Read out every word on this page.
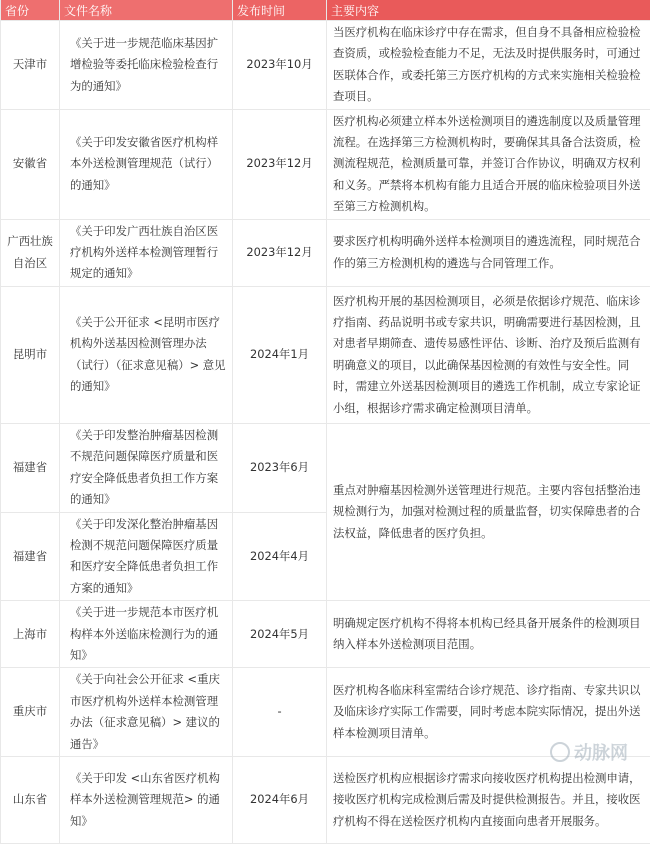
省份	文件名称	发布时间	主要内容
天津市	《关于进一步规范临床基因扩增检验等委托临床检验检查行为的通知》	2023年10月	当医疗机构在临床诊疗中存在需求，但自身不具备相应检验检查资质，或检验检查能力不足，无法及时提供服务时，可通过医联体合作，或委托第三方医疗机构的方式来实施相关检验检查项目。
安徽省	《关于印发安徽省医疗机构样本外送检测管理规范（试行）的通知》	2023年12月	医疗机构必须建立样本外送检测项目的遴选制度以及质量管理流程。在选择第三方检测机构时，要确保其具备合法资质，检测流程规范，检测质量可靠，并签订合作协议，明确双方权利和义务。严禁将本机构有能力且适合开展的临床检验项目外送至第三方检测机构。
广西壮族自治区	《关于印发广西壮族自治区医疗机构外送样本检测管理暂行规定的通知》	2023年12月	要求医疗机构明确外送样本检测项目的遴选流程，同时规范合作的第三方检测机构的遴选与合同管理工作。
昆明市	《关于公开征求 <昆明市医疗机构外送基因检测管理办法（试行）（征求意见稿）> 意见的通知》	2024年1月	医疗机构开展的基因检测项目，必须是依据诊疗规范、临床诊疗指南、药品说明书或专家共识，明确需要进行基因检测，且对患者早期筛查、遗传易感性评估、诊断、治疗及预后监测有明确意义的项目，以此确保基因检测的有效性与安全性。同时，需建立外送基因检测项目的遴选工作机制，成立专家论证小组，根据诊疗需求确定检测项目清单。
福建省	《关于印发整治肿瘤基因检测不规范问题保障医疗质量和医疗安全降低患者负担工作方案的通知》	2023年6月	重点对肿瘤基因检测外送管理进行规范。主要内容包括整治违规检测行为，加强对检测过程的质量监督，切实保障患者的合法权益，降低患者的医疗负担。
福建省	《关于印发深化整治肿瘤基因检测不规范问题保障医疗质量和医疗安全降低患者负担工作方案的通知》	2024年4月	
上海市	《关于进一步规范本市医疗机构样本外送临床检测行为的通知》	2024年5月	明确规定医疗机构不得将本机构已经具备开展条件的检测项目纳入样本外送检测项目范围。
重庆市	《关于向社会公开征求 <重庆市医疗机构外送样本检测管理办法（征求意见稿）> 建议的通告》	-	医疗机构各临床科室需结合诊疗规范、诊疗指南、专家共识以及临床诊疗实际工作需要，同时考虑本院实际情况，提出外送样本检测项目清单。
山东省	《关于印发 <山东省医疗机构样本外送检测管理规范> 的通知》	2024年6月	送检医疗机构应根据诊疗需求向接收医疗机构提出检测申请，接收医疗机构完成检测后需及时提供检测报告。并且，接收医疗机构不得在送检医疗机构内直接面向患者开展服务。
动脉网
